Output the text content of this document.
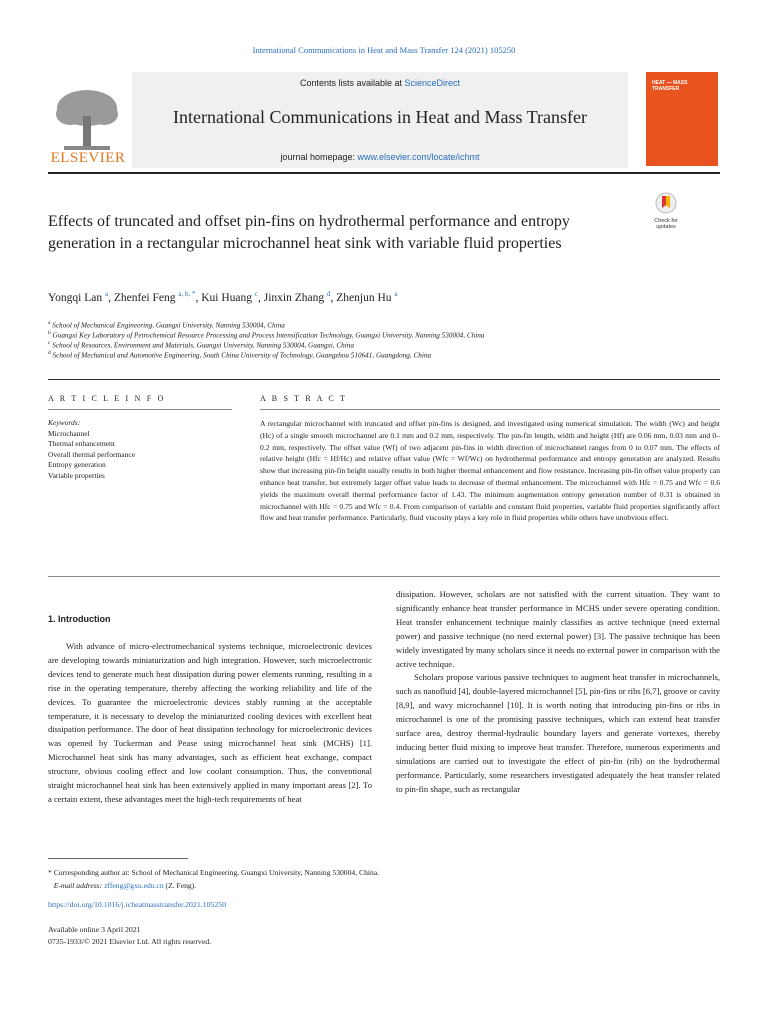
International Communications in Heat and Mass Transfer 124 (2021) 105250
ELSEVIER
Contents lists available at ScienceDirect
International Communications in Heat and Mass Transfer
journal homepage: www.elsevier.com/locate/ichmt
HEAT — MASS TRANSFER
Effects of truncated and offset pin-fins on hydrothermal performance and entropy generation in a rectangular microchannel heat sink with variable fluid properties
Check for
updates
Yongqi Lan $^a$, Zhenfei Feng $^{a, b, *}$, Kui Huang $^c$, Jinxin Zhang $^d$, Zhenjun Hu $^a$
$^a$ School of Mechanical Engineering, Guangxi University, Nanning 530004, China
$^b$ Guangxi Key Laboratory of Petrochemical Resource Processing and Process Intensification Technology, Guangxi University, Nanning 530004, China
$^c$ School of Resources, Environment and Materials, Guangxi University, Nanning 530004, Guangxi, China
$^d$ School of Mechanical and Automotive Engineering, South China University of Technology, Guangzhou 510641, Guangdong, China
A R T I C L E I N F O
Keywords:
Microchannel
Thermal enhancement
Overall thermal performance
Entropy generation
Variable properties
A B S T R A C T
A rectangular microchannel with truncated and offset pin-fins is designed, and investigated using numerical simulation. The width (Wc) and height (Hc) of a single smooth microchannel are 0.1 mm and 0.2 mm, respectively. The pin-fin length, width and height (Hf) are 0.06 mm, 0.03 mm and 0–0.2 mm, respectively. The offset value (Wf) of two adjacent pin-fins in width direction of microchannel ranges from 0 to 0.07 mm. The effects of relative height (Hfc = Hf/Hc) and relative offset value (Wfc = Wf/Wc) on hydrothermal performance and entropy generation are analyzed. Results show that increasing pin-fin height usually results in both higher thermal enhancement and flow resistance. Increasing pin-fin offset value properly can enhance heat transfer, but extremely larger offset value leads to decrease of thermal enhancement. The microchannel with Hfc = 0.75 and Wfc = 0.6 yields the maximum overall thermal performance factor of 1.43. The minimum augmentation entropy generation number of 0.31 is obtained in microchannel with Hfc = 0.75 and Wfc = 0.4. From comparison of variable and constant fluid properties, variable fluid properties significantly affect flow and heat transfer performance. Particularly, fluid viscosity plays a key role in fluid properties while others have unobvious effect.
1. Introduction

With advance of micro-electromechanical systems technique, microelectronic devices are developing towards miniaturization and high integration. However, such microelectronic devices tend to generate much heat dissipation during power elements running, resulting in a rise in the operating temperature, thereby affecting the working reliability and life of the devices. To guarantee the microelectronic devices stably running at the acceptable temperature, it is necessary to develop the miniaturized cooling devices with excellent heat dissipation performance. The door of heat dissipation technology for microelectronic devices was opened by Tuckerman and Pease using microchannel heat sink (MCHS) [1]. Microchannel heat sink has many advantages, such as efficient heat exchange, compact structure, obvious cooling effect and low coolant consumption. Thus, the conventional straight microchannel heat sink has been extensively applied in many important areas [2]. To a certain extent, these advantages meet the high-tech requirements of heat

dissipation. However, scholars are not satisfied with the current situation. They want to significantly enhance heat transfer performance in MCHS under severe operating condition. Heat transfer enhancement technique mainly classifies as active technique (need external power) and passive technique (no need external power) [3]. The passive technique has been widely investigated by many scholars since it needs no external power in comparison with the active technique.

Scholars propose various passive techniques to augment heat transfer in microchannels, such as nanofluid [4], double-layered microchannel [5], pin-fins or ribs [6,7], groove or cavity [8,9], and wavy microchannel [10]. It is worth noting that introducing pin-fins or ribs in microchannel is one of the promising passive techniques, which can extend heat transfer surface area, destroy thermal-hydraulic boundary layers and generate vortexes, thereby inducing better fluid mixing to improve heat transfer. Therefore, numerous experiments and simulations are carried out to investigate the effect of pin-fin (rib) on the hydrothermal performance. Particularly, some researchers investigated adequately the heat transfer related to pin-fin shape, such as rectangular

* Corresponding author at: School of Mechanical Engineering, Guangxi University, Nanning 530004, China.
E-mail address: zffeng@gxu.edu.cn (Z. Feng).
https://doi.org/10.1016/j.icheatmasstransfer.2021.105250
Available online 3 April 2021
0735-1933/© 2021 Elsevier Ltd. All rights reserved.
